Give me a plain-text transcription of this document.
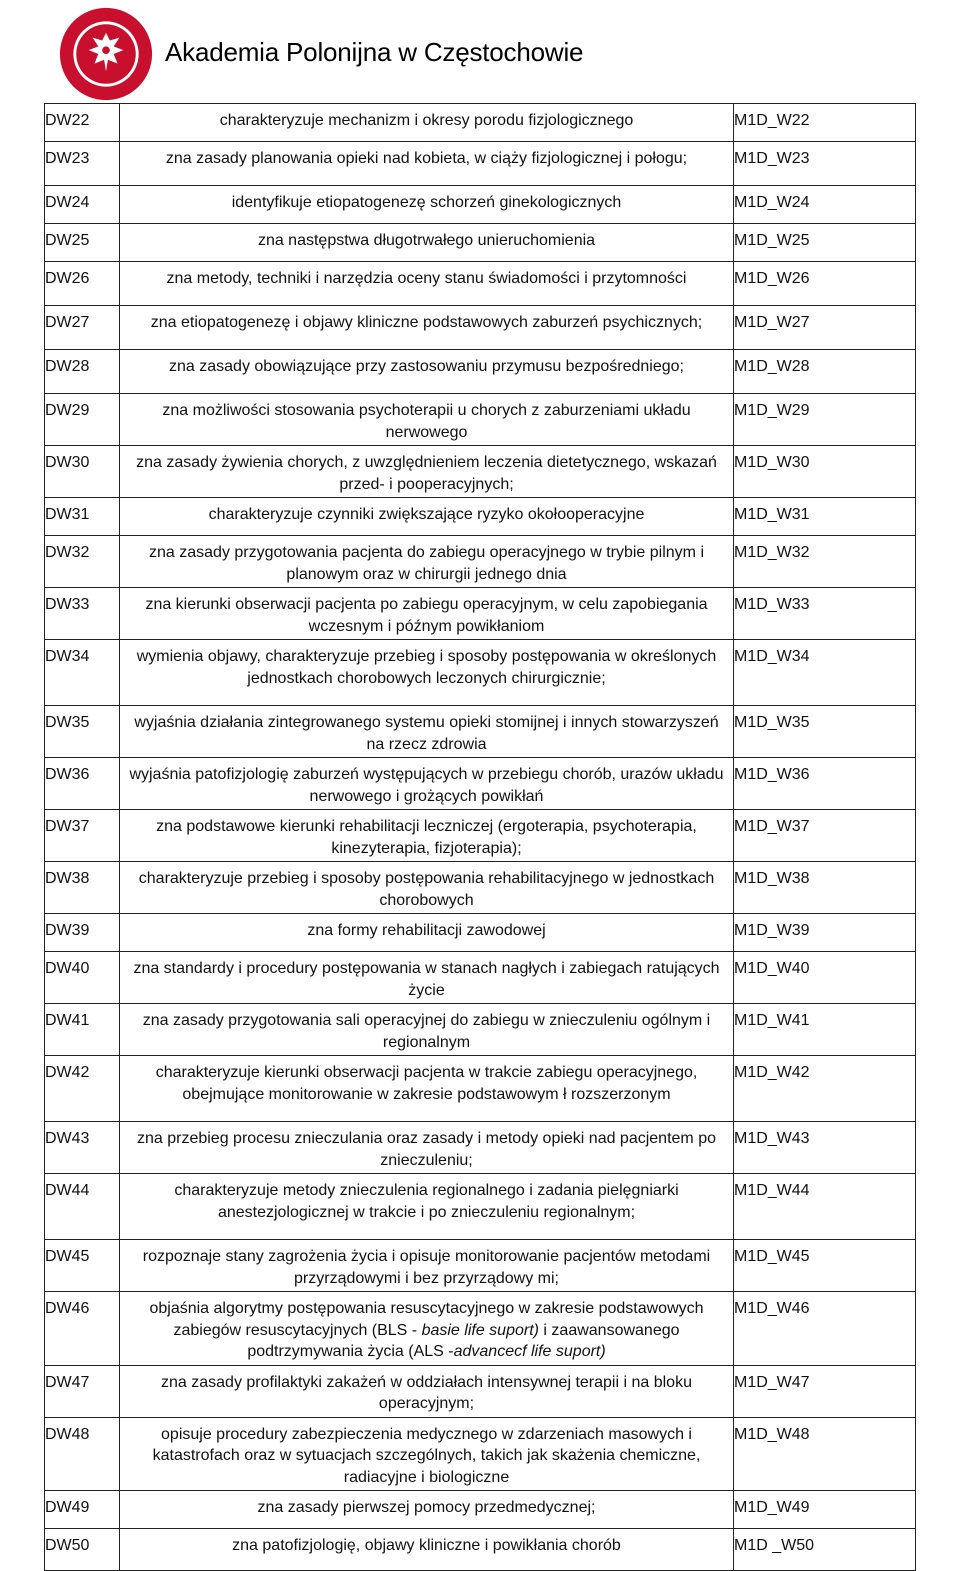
Akademia Polonijna w Częstochowie
DW22	charakteryzuje mechanizm i okresy porodu fizjologicznego	M1D_W22

DW23	zna zasady planowania opieki nad kobieta, w ciąży fizjologicznej i połogu;	M1D_W23

DW24	identyfikuje etiopatogenezę schorzeń ginekologicznych	M1D_W24

DW25	zna następstwa długotrwałego unieruchomienia	M1D_W25

DW26	zna metody, techniki i narzędzia oceny stanu świadomości i przytomności	M1D_W26

DW27	zna etiopatogenezę i objawy kliniczne podstawowych zaburzeń psychicznych;	M1D_W27

DW28	zna zasady obowiązujące przy zastosowaniu przymusu bezpośredniego;	M1D_W28

DW29	zna możliwości stosowania psychoterapii u chorych z zaburzeniami układu nerwowego	M1D_W29

DW30	zna zasady żywienia chorych, z uwzględnieniem leczenia dietetycznego, wskazań przed- i pooperacyjnych;	M1D_W30

DW31	charakteryzuje czynniki zwiększające ryzyko okołooperacyjne	M1D_W31

DW32	zna zasady przygotowania pacjenta do zabiegu operacyjnego w trybie pilnym i planowym oraz w chirurgii jednego dnia	M1D_W32

DW33	zna kierunki obserwacji pacjenta po zabiegu operacyjnym, w celu zapobiegania wczesnym i późnym powikłaniom	M1D_W33

DW34	wymienia objawy, charakteryzuje przebieg i sposoby postępowania w określonych jednostkach chorobowych leczonych chirurgicznie;	M1D_W34

DW35	wyjaśnia działania zintegrowanego systemu opieki stomijnej i innych stowarzyszeń na rzecz zdrowia	M1D_W35

DW36	wyjaśnia patofizjologię zaburzeń występujących w przebiegu chorób, urazów układu nerwowego i grożących powikłań	M1D_W36

DW37	zna podstawowe kierunki rehabilitacji leczniczej (ergoterapia, psychoterapia, kinezyterapia, fizjoterapia);	M1D_W37

DW38	charakteryzuje przebieg i sposoby postępowania rehabilitacyjnego w jednostkach chorobowych	M1D_W38

DW39	zna formy rehabilitacji zawodowej	M1D_W39

DW40	zna standardy i procedury postępowania w stanach nagłych i zabiegach ratujących życie	M1D_W40

DW41	zna zasady przygotowania sali operacyjnej do zabiegu w znieczuleniu ogólnym i regionalnym	M1D_W41

DW42	charakteryzuje kierunki obserwacji pacjenta w trakcie zabiegu operacyjnego, obejmujące monitorowanie w zakresie podstawowym ł rozszerzonym	M1D_W42

DW43	zna przebieg procesu znieczulania oraz zasady i metody opieki nad pacjentem po znieczuleniu;	M1D_W43

DW44	charakteryzuje metody znieczulenia regionalnego i zadania pielęgniarki anestezjologicznej w trakcie i po znieczuleniu regionalnym;	M1D_W44

DW45	rozpoznaje stany zagrożenia życia i opisuje monitorowanie pacjentów metodami przyrządowymi i bez przyrządowy mi;	M1D_W45

DW46	objaśnia algorytmy postępowania resuscytacyjnego w zakresie podstawowych zabiegów resuscytacyjnych (BLS - basie life suport) i zaawansowanego podtrzymywania życia (ALS -advancecf life suport)	M1D_W46

DW47	zna zasady profilaktyki zakażeń w oddziałach intensywnej terapii i na bloku operacyjnym;	M1D_W47

DW48	opisuje procedury zabezpieczenia medycznego w zdarzeniach masowych i katastrofach oraz w sytuacjach szczególnych, takich jak skażenia chemiczne, radiacyjne i biologiczne	M1D_W48

DW49	zna zasady pierwszej pomocy przedmedycznej;	M1D_W49

DW50	zna patofizjologię, objawy kliniczne i powikłania chorób	M1D _W50
